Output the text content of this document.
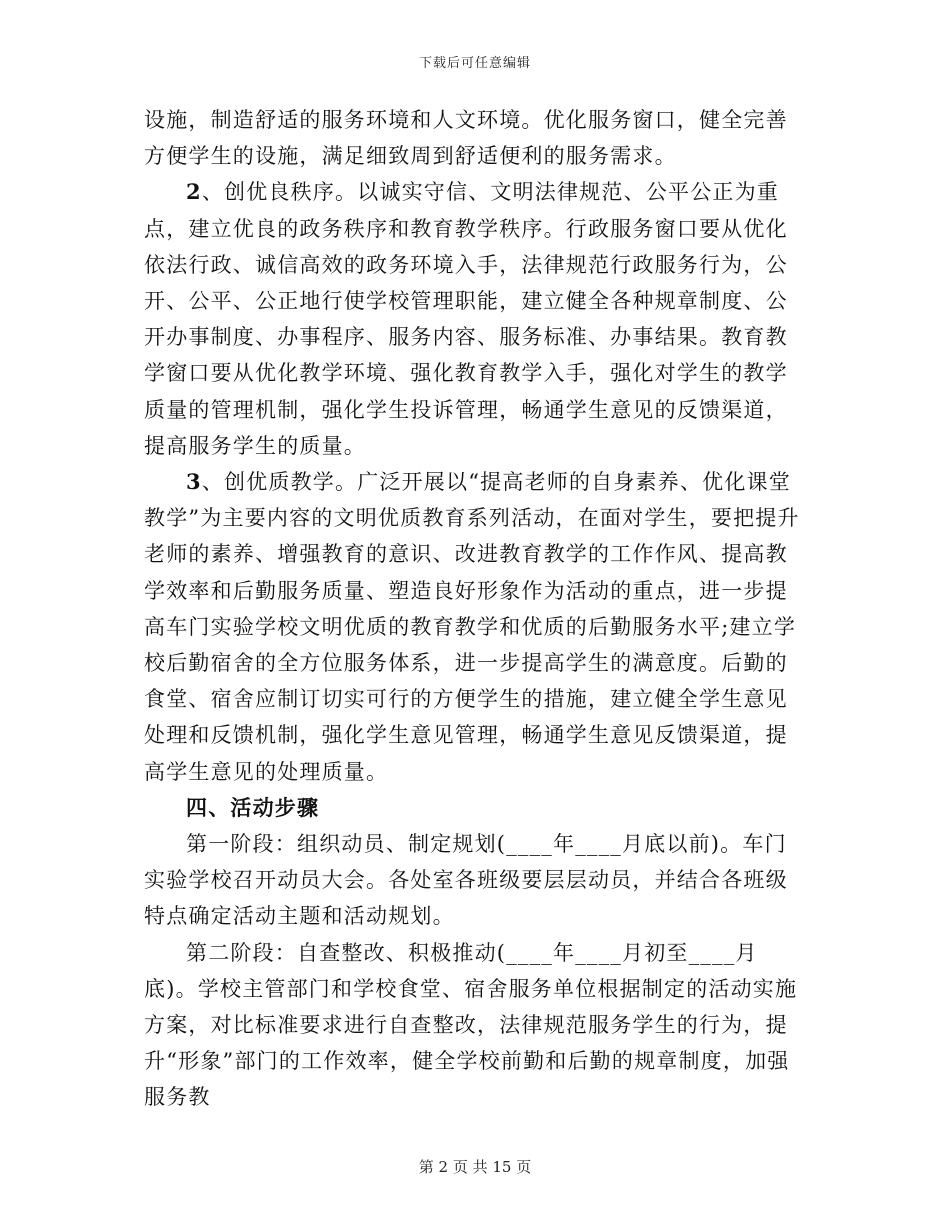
下载后可任意编辑

设施，制造舒适的服务环境和人文环境。优化服务窗口，健全完善方便学生的设施，满足细致周到舒适便利的服务需求。

2、创优良秩序。以诚实守信、文明法律规范、公平公正为重点，建立优良的政务秩序和教育教学秩序。行政服务窗口要从优化依法行政、诚信高效的政务环境入手，法律规范行政服务行为，公开、公平、公正地行使学校管理职能，建立健全各种规章制度、公开办事制度、办事程序、服务内容、服务标准、办事结果。教育教学窗口要从优化教学环境、强化教育教学入手，强化对学生的教学质量的管理机制，强化学生投诉管理，畅通学生意见的反馈渠道，提高服务学生的质量。

3、创优质教学。广泛开展以“提高老师的自身素养、优化课堂教学”为主要内容的文明优质教育系列活动，在面对学生，要把提升老师的素养、增强教育的意识、改进教育教学的工作作风、提高教学效率和后勤服务质量、塑造良好形象作为活动的重点，进一步提高车门实验学校文明优质的教育教学和优质的后勤服务水平;建立学校后勤宿舍的全方位服务体系，进一步提高学生的满意度。后勤的食堂、宿舍应制订切实可行的方便学生的措施，建立健全学生意见处理和反馈机制，强化学生意见管理，畅通学生意见反馈渠道，提高学生意见的处理质量。

四、活动步骤

第一阶段：组织动员、制定规划(____年____月底以前)。车门实验学校召开动员大会。各处室各班级要层层动员，并结合各班级特点确定活动主题和活动规划。

第二阶段：自查整改、积极推动(____年____月初至____月底)。学校主管部门和学校食堂、宿舍服务单位根据制定的活动实施方案，对比标准要求进行自查整改，法律规范服务学生的行为，提升“形象”部门的工作效率，健全学校前勤和后勤的规章制度，加强服务教

第 2 页 共 15 页
